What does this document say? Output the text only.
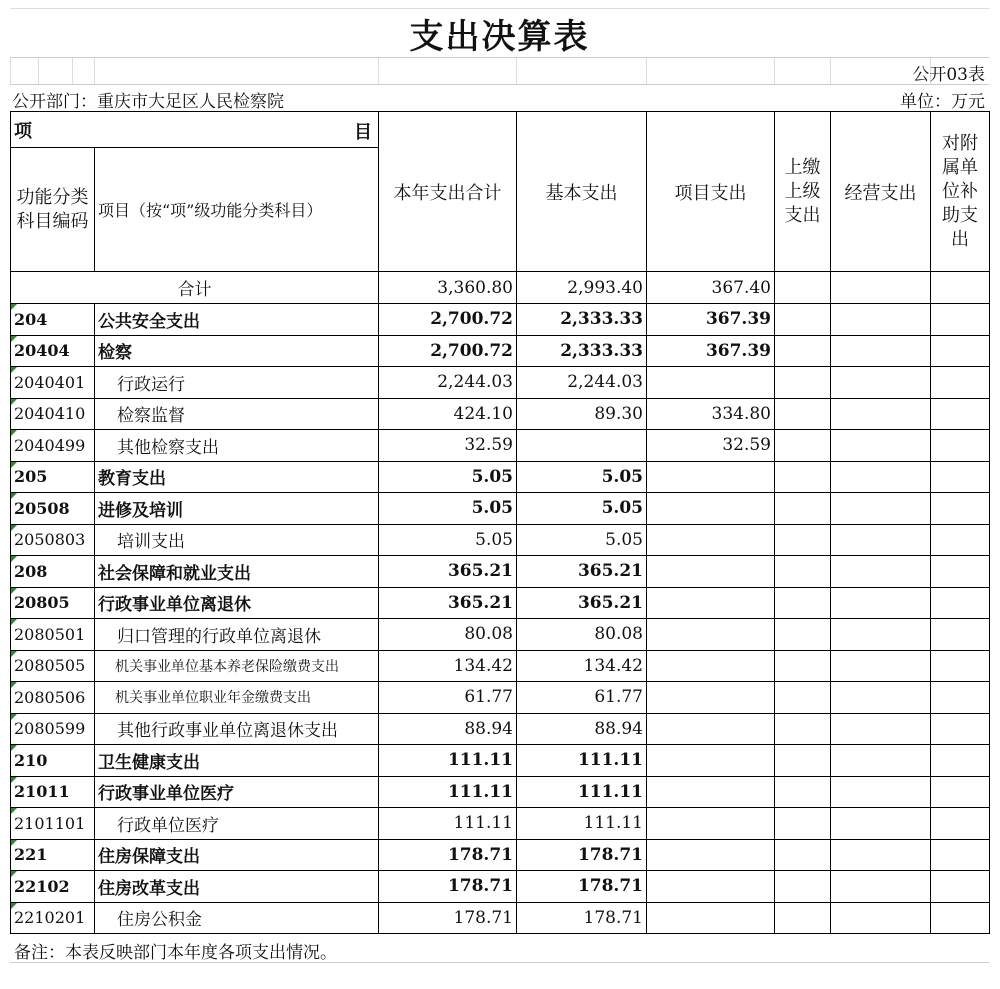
支出决算表
公开03表
公开部门：重庆市大足区人民检察院	单位：万元
项 目		本年支出合计	基本支出	项目支出	上缴上级支出	经营支出	对附属单位补助支出
功能分类科目编码	项目（按“项”级功能分类科目）						
合计		3,360.80	2,993.40	367.40			
204	公共安全支出	2,700.72	2,333.33	367.39			
20404	检察	2,700.72	2,333.33	367.39			
2040401	行政运行	2,244.03	2,244.03				
2040410	检察监督	424.10	89.30	334.80			
2040499	其他检察支出	32.59		32.59			
205	教育支出	5.05	5.05				
20508	进修及培训	5.05	5.05				
2050803	培训支出	5.05	5.05				
208	社会保障和就业支出	365.21	365.21				
20805	行政事业单位离退休	365.21	365.21				
2080501	归口管理的行政单位离退休	80.08	80.08				
2080505	机关事业单位基本养老保险缴费支出	134.42	134.42				
2080506	机关事业单位职业年金缴费支出	61.77	61.77				
2080599	其他行政事业单位离退休支出	88.94	88.94				
210	卫生健康支出	111.11	111.11				
21011	行政事业单位医疗	111.11	111.11				
2101101	行政单位医疗	111.11	111.11				
221	住房保障支出	178.71	178.71				
22102	住房改革支出	178.71	178.71				
2210201	住房公积金	178.71	178.71				
备注：本表反映部门本年度各项支出情况。
